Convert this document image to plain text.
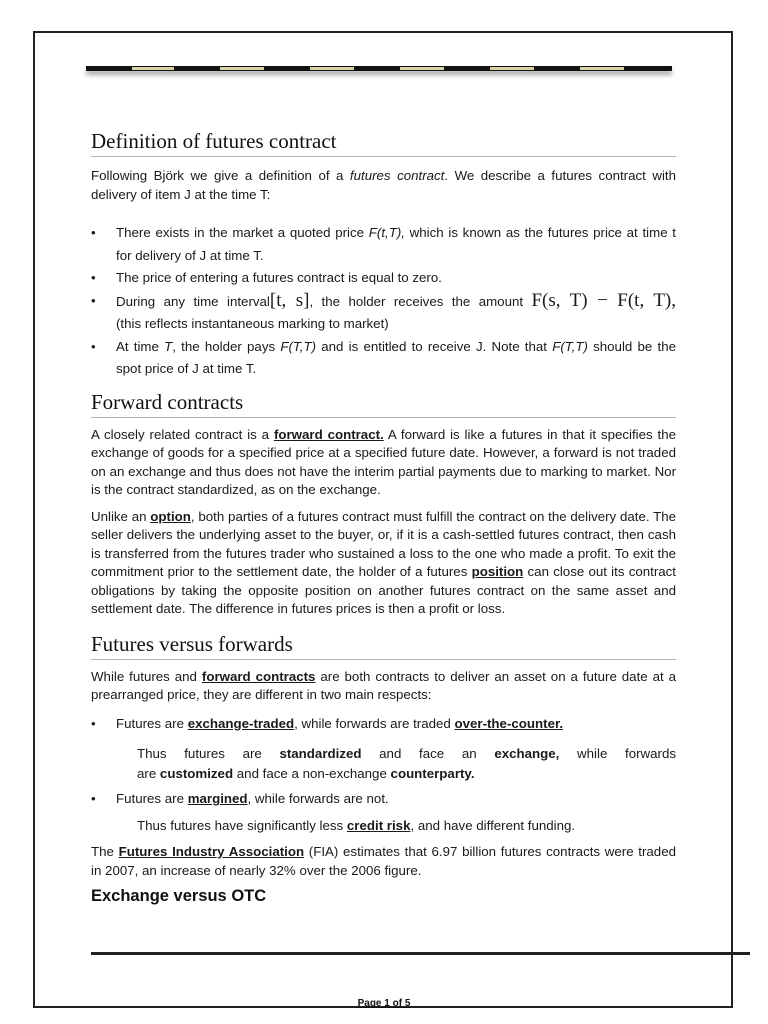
Definition of futures contract

Following Björk we give a definition of a futures contract. We describe a futures contract with delivery of item J at the time T:

• There exists in the market a quoted price F(t,T), which is known as the futures price at time t for delivery of J at time T.
• The price of entering a futures contract is equal to zero.
• During any time interval[t, s], the holder receives the amount F(s, T) − F(t, T),
(this reflects instantaneous marking to market)
• At time T, the holder pays F(T,T) and is entitled to receive J. Note that F(T,T) should be the spot price of J at time T.
Forward contracts

A closely related contract is a forward contract. A forward is like a futures in that it specifies the exchange of goods for a specified price at a specified future date. However, a forward is not traded on an exchange and thus does not have the interim partial payments due to marking to market. Nor is the contract standardized, as on the exchange.

Unlike an option, both parties of a futures contract must fulfill the contract on the delivery date. The seller delivers the underlying asset to the buyer, or, if it is a cash-settled futures contract, then cash is transferred from the futures trader who sustained a loss to the one who made a profit. To exit the commitment prior to the settlement date, the holder of a futures position can close out its contract obligations by taking the opposite position on another futures contract on the same asset and settlement date. The difference in futures prices is then a profit or loss.

Futures versus forwards

While futures and forward contracts are both contracts to deliver an asset on a future date at a prearranged price, they are different in two main respects:

• Futures are exchange-traded, while forwards are traded over-the-counter.

Thus futures are standardized and face an exchange, while forwards

are customized and face a non-exchange counterparty.

• Futures are margined, while forwards are not.

Thus futures have significantly less credit risk, and have different funding.

The Futures Industry Association (FIA) estimates that 6.97 billion futures contracts were traded in 2007, an increase of nearly 32% over the 2006 figure.

Exchange versus OTC
Page 1 of 5
